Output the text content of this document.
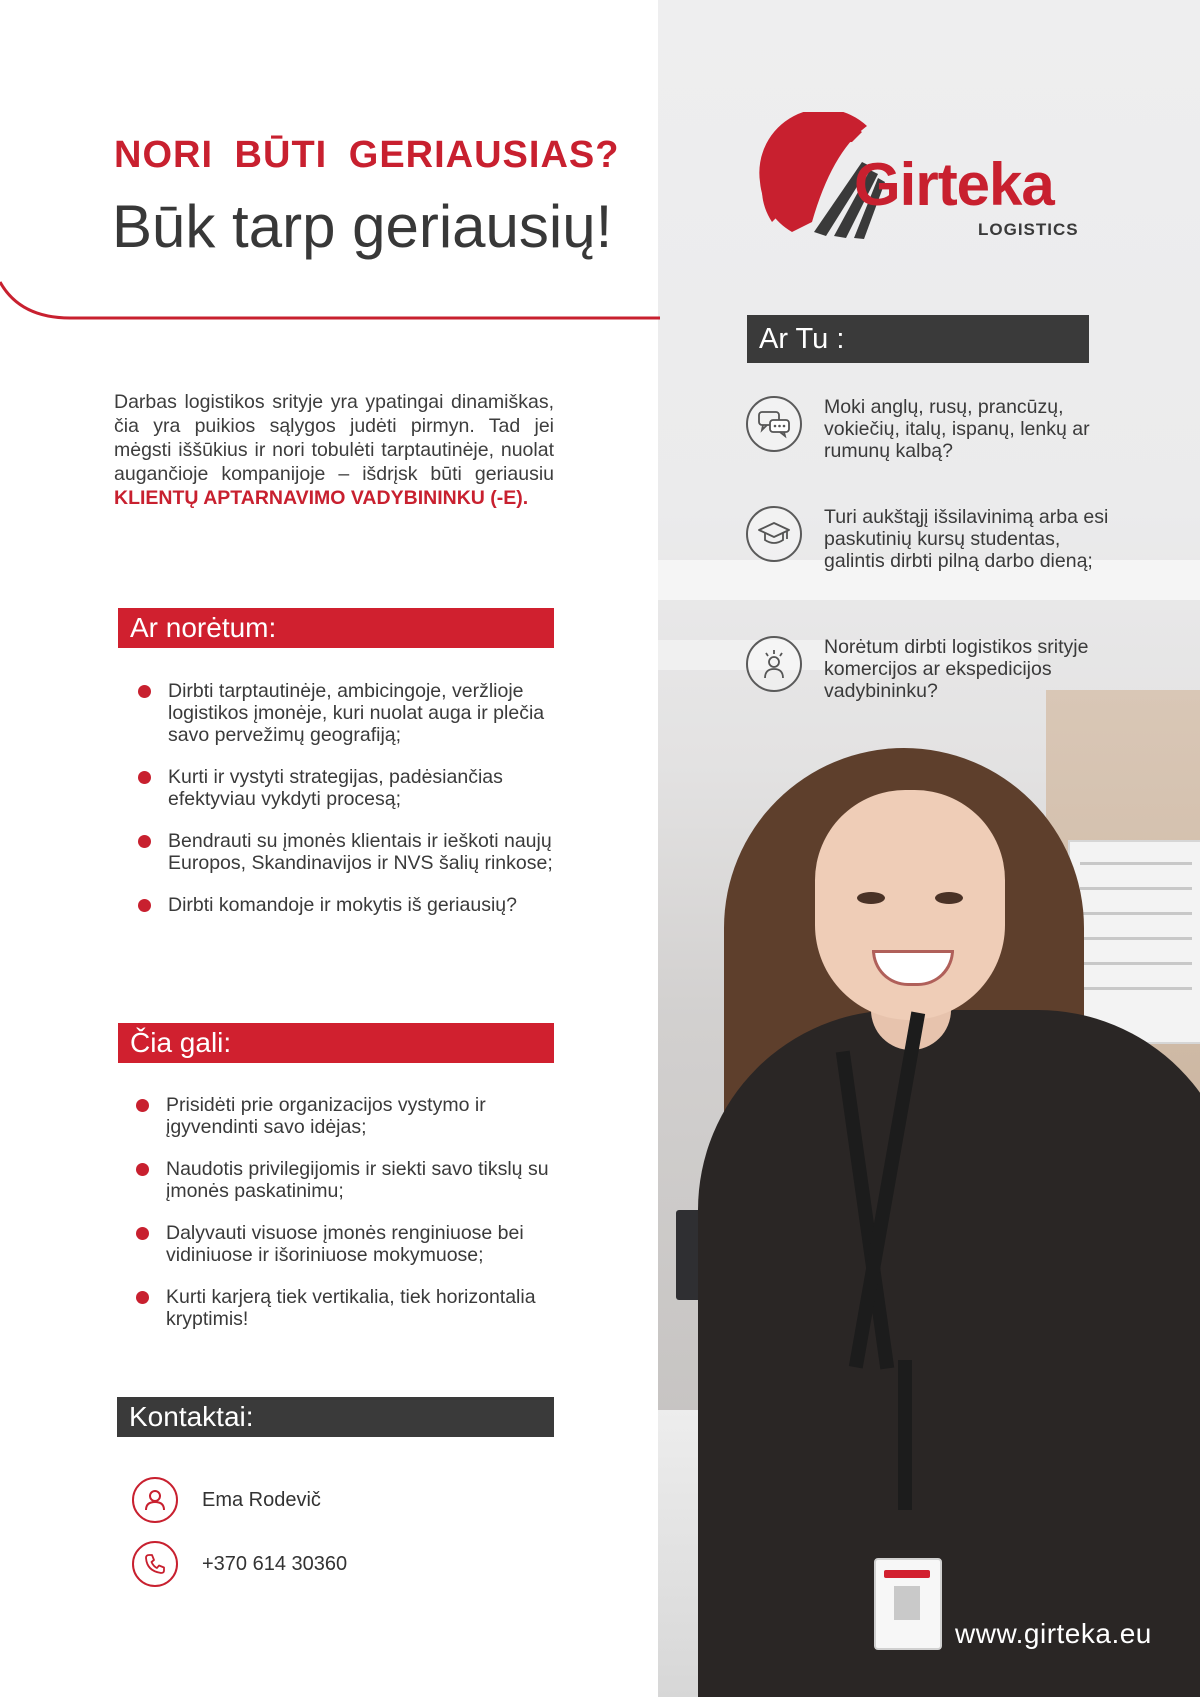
NORI BŪTI GERIAUSIAS?
Būk tarp geriausių!
Darbas logistikos srityje yra ypatingai dinamiškas, čia yra puikios sąlygos judėti pirmyn. Tad jei mėgsti iššūkius ir nori tobulėti tarptautinėje, nuolat augančioje kompanijoje – išdrįsk būti geriausiu KLIENTŲ APTARNAVIMO VADYBININKU (-E).
Ar norėtum:
Dirbti tarptautinėje, ambicingoje, veržlioje logistikos įmonėje, kuri nuolat auga ir plečia savo pervežimų geografiją;
Kurti ir vystyti strategijas, padėsiančias efektyviau vykdyti procesą;
Bendrauti su įmonės klientais ir ieškoti naujų Europos, Skandinavijos ir NVS šalių rinkose;
Dirbti komandoje ir mokytis iš geriausių?
Čia gali:
Prisidėti prie organizacijos vystymo ir įgyvendinti savo idėjas;
Naudotis privilegijomis ir siekti savo tikslų su įmonės paskatinimu;
Dalyvauti visuose įmonės renginiuose bei vidiniuose ir išoriniuose mokymuose;
Kurti karjerą tiek vertikalia, tiek horizontalia kryptimis!
Kontaktai:
Ema Rodevič
+370 614 30360
Girteka
LOGISTICS
Ar Tu :
Moki anglų, rusų, prancūzų, vokiečių, italų, ispanų, lenkų ar rumunų kalbą?
Turi aukštąjį išsilavinimą arba esi paskutinių kursų studentas, galintis dirbti pilną darbo dieną;
Norėtum dirbti logistikos srityje komercijos ar ekspedicijos vadybininku?
www.girteka.eu
